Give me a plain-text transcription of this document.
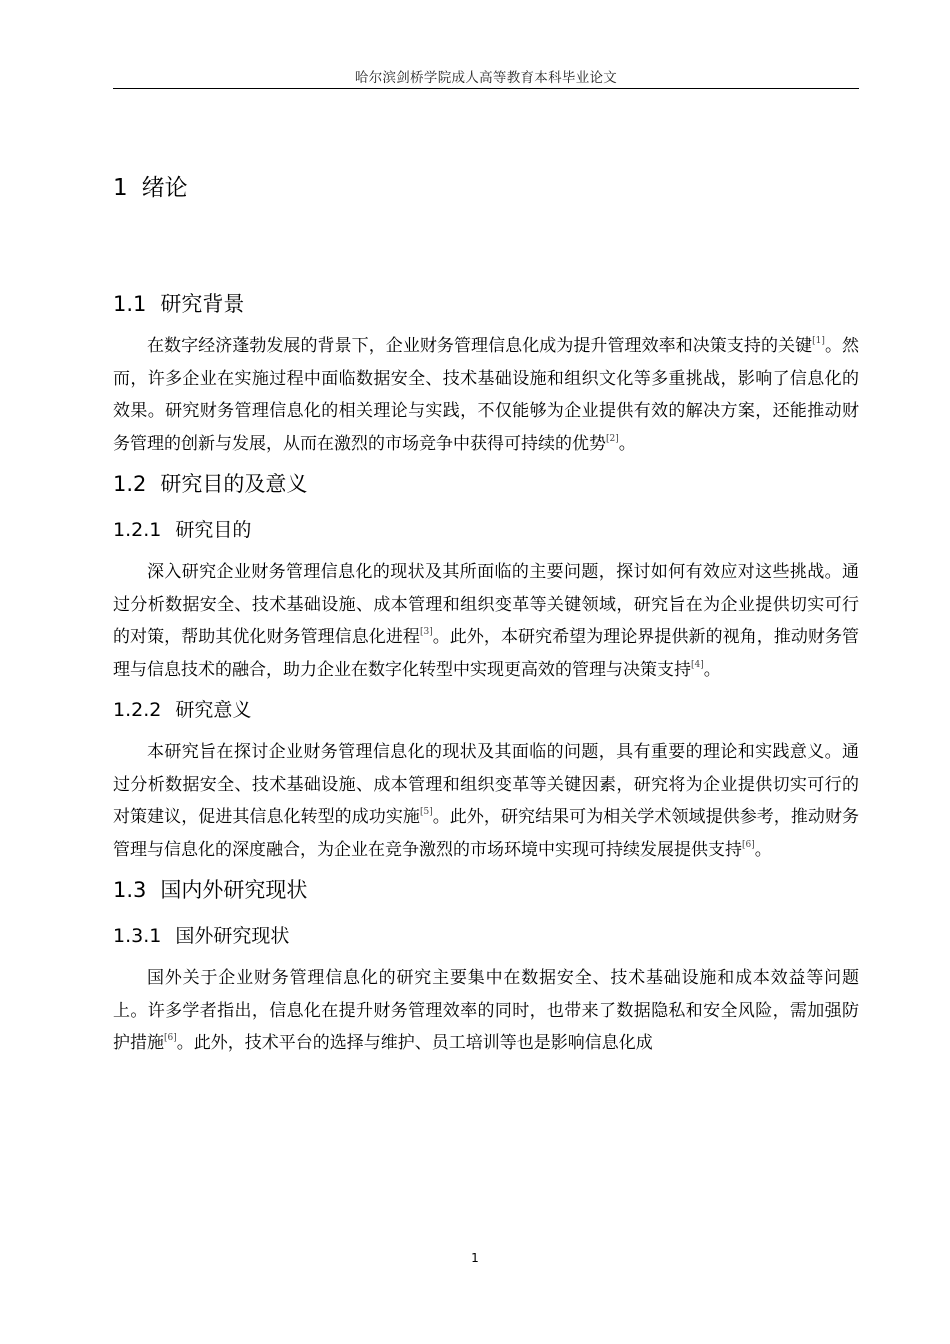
哈尔滨剑桥学院成人高等教育本科毕业论文
1 绪论
1.1 研究背景

在数字经济蓬勃发展的背景下，企业财务管理信息化成为提升管理效率和决策支持的关键[1]。然而，许多企业在实施过程中面临数据安全、技术基础设施和组织文化等多重挑战，影响了信息化的效果。研究财务管理信息化的相关理论与实践，不仅能够为企业提供有效的解决方案，还能推动财务管理的创新与发展，从而在激烈的市场竞争中获得可持续的优势[2]。

1.2 研究目的及意义
1.2.1 研究目的

深入研究企业财务管理信息化的现状及其所面临的主要问题，探讨如何有效应对这些挑战。通过分析数据安全、技术基础设施、成本管理和组织变革等关键领域，研究旨在为企业提供切实可行的对策，帮助其优化财务管理信息化进程[3]。此外，本研究希望为理论界提供新的视角，推动财务管理与信息技术的融合，助力企业在数字化转型中实现更高效的管理与决策支持[4]。

1.2.2 研究意义

本研究旨在探讨企业财务管理信息化的现状及其面临的问题，具有重要的理论和实践意义。通过分析数据安全、技术基础设施、成本管理和组织变革等关键因素，研究将为企业提供切实可行的对策建议，促进其信息化转型的成功实施[5]。此外，研究结果可为相关学术领域提供参考，推动财务管理与信息化的深度融合，为企业在竞争激烈的市场环境中实现可持续发展提供支持[6]。

1.3 国内外研究现状
1.3.1 国外研究现状

国外关于企业财务管理信息化的研究主要集中在数据安全、技术基础设施和成本效益等问题上。许多学者指出，信息化在提升财务管理效率的同时，也带来了数据隐私和安全风险，需加强防护措施[6]。此外，技术平台的选择与维护、员工培训等也是影响信息化成

1
